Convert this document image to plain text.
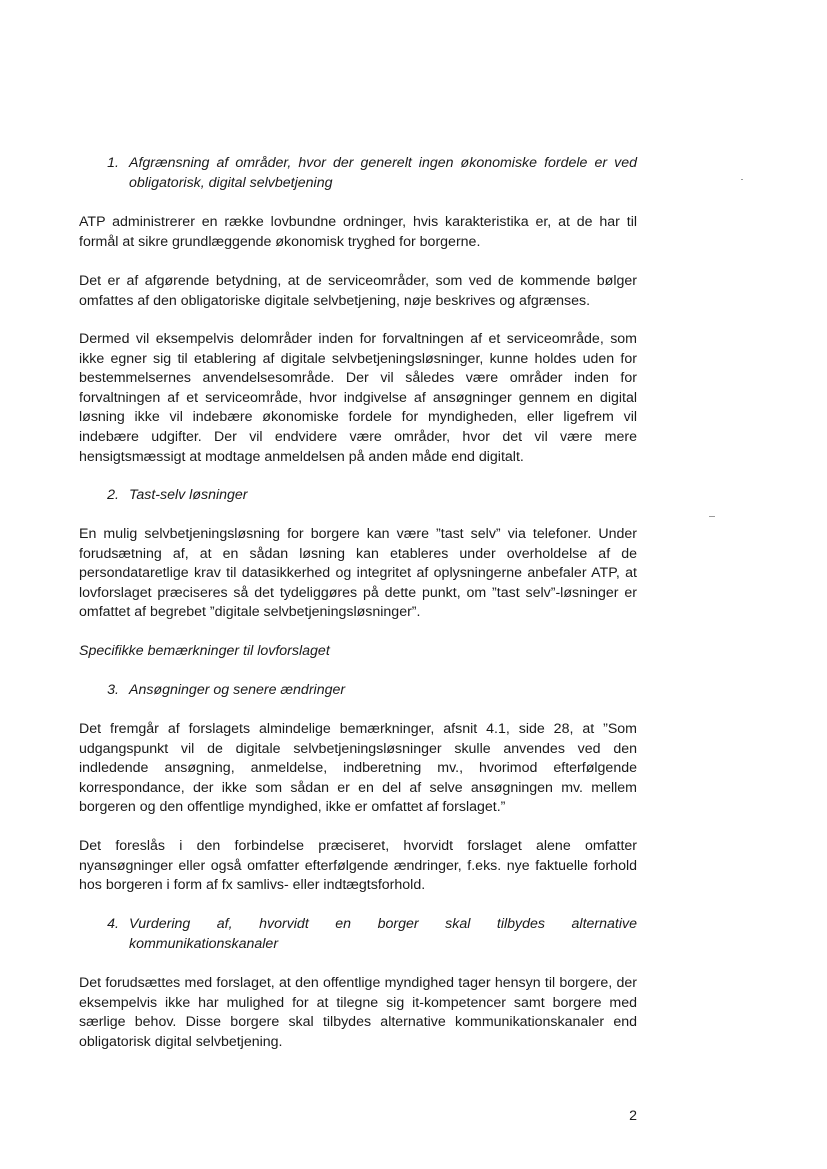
1. Afgrænsning af områder, hvor der generelt ingen økonomiske fordele er ved
obligatorisk, digital selvbetjening
ATP administrerer en række lovbundne ordninger, hvis karakteristika er, at de har til formål at sikre grundlæggende økonomisk tryghed for borgerne.
Det er af afgørende betydning, at de serviceområder, som ved de kommende bølger omfattes af den obligatoriske digitale selvbetjening, nøje beskrives og afgrænses.
Dermed vil eksempelvis delområder inden for forvaltningen af et serviceområde, som ikke egner sig til etablering af digitale selvbetjeningsløsninger, kunne holdes uden for bestemmelsernes anvendelsesområde. Der vil således være områder inden for forvaltningen af et serviceområde, hvor indgivelse af ansøgninger gennem en digital løsning ikke vil indebære økonomiske fordele for myndigheden, eller ligefrem vil indebære udgifter. Der vil endvidere være områder, hvor det vil være mere hensigtsmæssigt at modtage anmeldelsen på anden måde end digitalt.
2. Tast-selv løsninger
En mulig selvbetjeningsløsning for borgere kan være ”tast selv” via telefoner. Under forudsætning af, at en sådan løsning kan etableres under overholdelse af de persondataretlige krav til datasikkerhed og integritet af oplysningerne anbefaler ATP, at lovforslaget præciseres så det tydeliggøres på dette punkt, om ”tast selv”-løsninger er omfattet af begrebet ”digitale selvbetjeningsløsninger”.
Specifikke bemærkninger til lovforslaget
3. Ansøgninger og senere ændringer
Det fremgår af forslagets almindelige bemærkninger, afsnit 4.1, side 28, at ”Som udgangspunkt vil de digitale selvbetjeningsløsninger skulle anvendes ved den indledende ansøgning, anmeldelse, indberetning mv., hvorimod efterfølgende korrespondance, der ikke som sådan er en del af selve ansøgningen mv. mellem borgeren og den offentlige myndighed, ikke er omfattet af forslaget.”
Det foreslås i den forbindelse præciseret, hvorvidt forslaget alene omfatter nyansøgninger eller også omfatter efterfølgende ændringer, f.eks. nye faktuelle forhold hos borgeren i form af fx samlivs- eller indtægtsforhold.
4. Vurdering af, hvorvidt en borger skal tilbydes alternative
kommunikationskanaler
Det forudsættes med forslaget, at den offentlige myndighed tager hensyn til borgere, der eksempelvis ikke har mulighed for at tilegne sig it-kompetencer samt borgere med særlige behov. Disse borgere skal tilbydes alternative kommunikationskanaler end obligatorisk digital selvbetjening.
2
